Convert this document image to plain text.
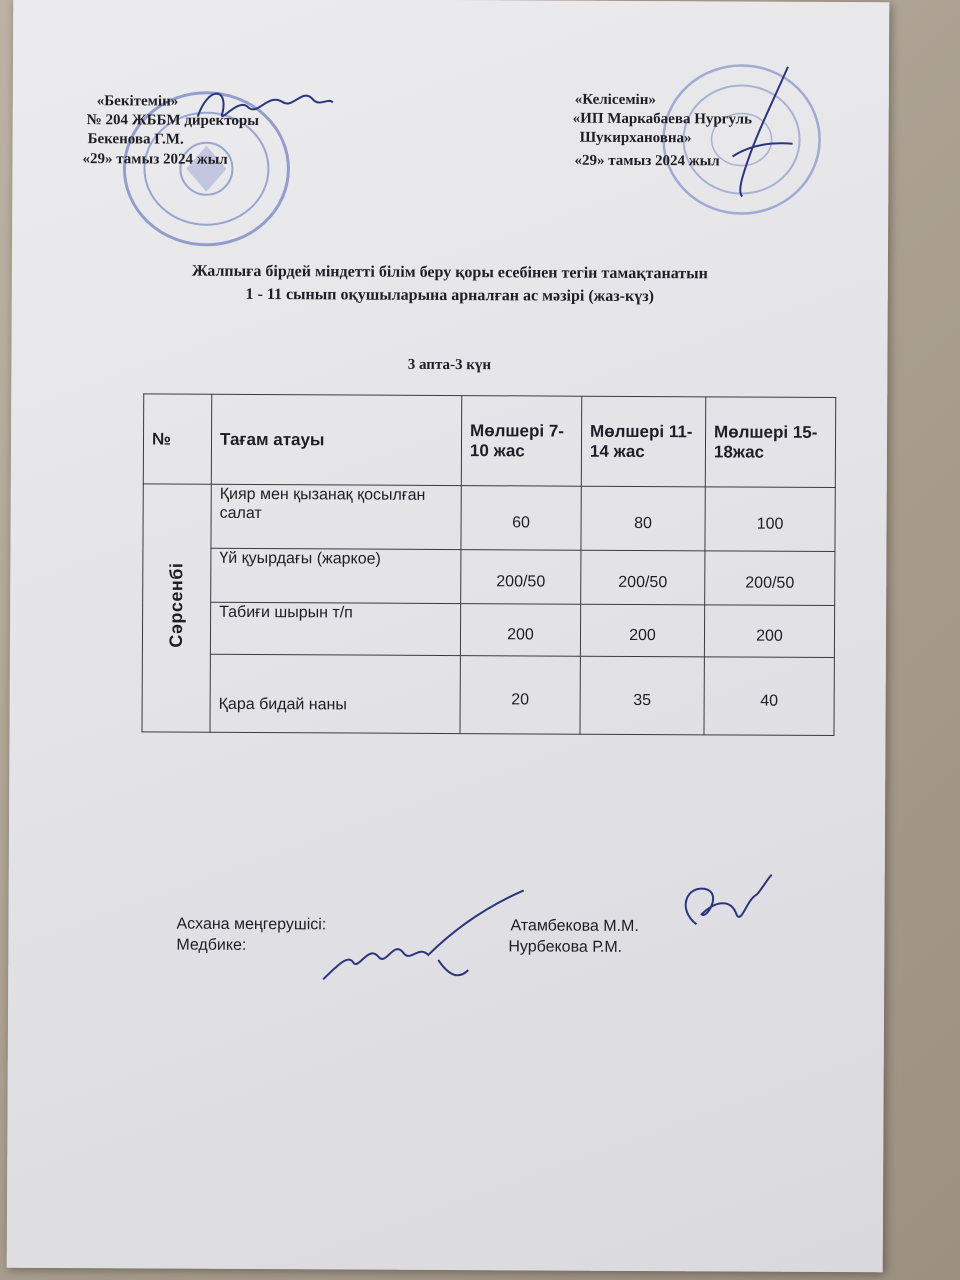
«Бекітемін»
№ 204 ЖББМ директоры
Бекенова Г.М.
«29» тамыз 2024 жыл
«Келісемін»
«ИП Маркабаева Нургуль
Шукирхановна»
«29» тамыз 2024 жыл
Жалпыға бірдей міндетті білім беру қоры есебінен тегін тамақтанатын
1 - 11 сынып оқушыларына арналған ас мәзірі (жаз-күз)
3 апта-3 күн
№	Тағам атауы	Мөлшері 7-10 жас	Мөлшері 11-14 жас	Мөлшері 15-18жас
Сәрсенбі	Қияр мен қызанақ қосылған салат	60	80	100
	Үй қуырдағы (жаркое)	200/50	200/50	200/50
	Табиғи шырын т/п	200	200	200
	Қара бидай наны	20	35	40
Асхана меңгерушісі:
Медбике:
Атамбекова М.М.
Нурбекова Р.М.
